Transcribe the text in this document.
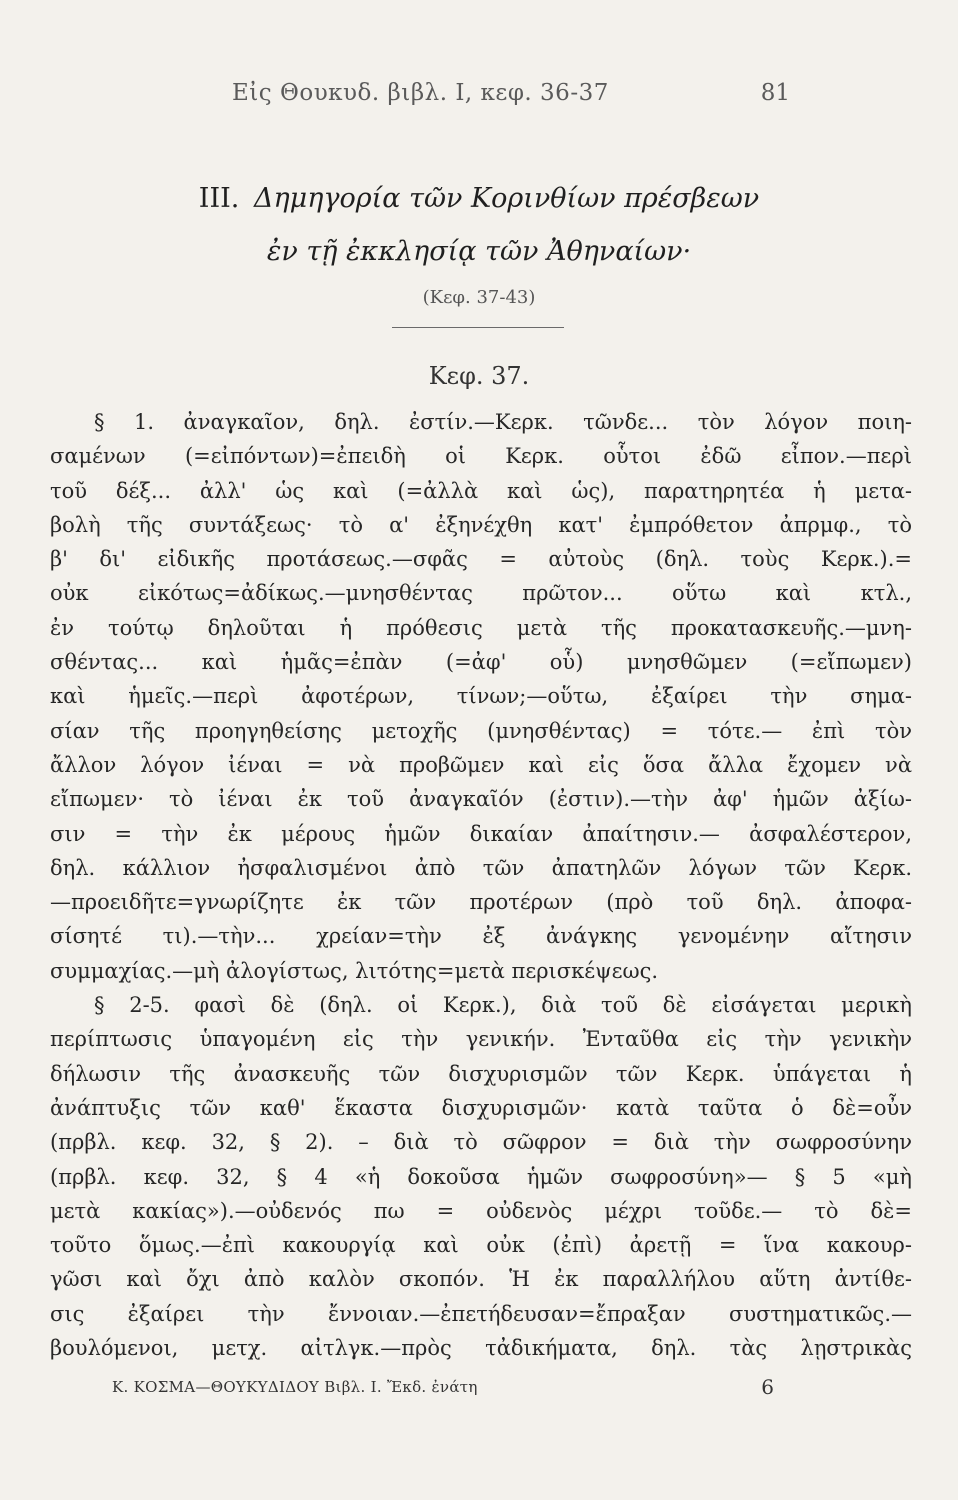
Εἰς Θουκυδ. βιβλ. Ι, κεφ. 36-37	81
III. Δημηγορία τῶν Κορινθίων πρέσβεων
ἐν τῇ ἐκκλησίᾳ τῶν Ἀθηναίων·
(Κεφ. 37-43)
Κεφ. 37.
§ 1. ἀναγκαῖον, δηλ. ἐστίν.—Κερκ. τῶνδε... τὸν λόγον ποιη-
σαμένων (=εἰπόντων)=ἐπειδὴ οἱ Κερκ. οὗτοι ἐδῶ εἶπον.—περὶ
τοῦ δέξ... ἀλλ' ὡς καὶ (=ἀλλὰ καὶ ὡς), παρατηρητέα ἡ μετα-
βολὴ τῆς συντάξεως· τὸ α' ἐξηνέχθη κατ' ἐμπρόθετον ἀπρμφ., τὸ
β' δι' εἰδικῆς προτάσεως.—σφᾶς = αὐτοὺς (δηλ. τοὺς Κερκ.).=
οὐκ εἰκότως=ἀδίκως.—μνησθέντας πρῶτον... οὕτω καὶ κτλ.,
ἐν τούτῳ δηλοῦται ἡ πρόθεσις μετὰ τῆς προκατασκευῆς.—μνη-
σθέντας... καὶ ἡμᾶς=ἐπὰν (=ἀφ' οὗ) μνησθῶμεν (=εἴπωμεν)
καὶ ἡμεῖς.—περὶ ἀφοτέρων, τίνων;—οὕτω, ἐξαίρει τὴν σημα-
σίαν τῆς προηγηθείσης μετοχῆς (μνησθέντας) = τότε.— ἐπὶ τὸν
ἄλλον λόγον ἰέναι = νὰ προβῶμεν καὶ εἰς ὅσα ἄλλα ἔχομεν νὰ
εἴπωμεν· τὸ ἰέναι ἐκ τοῦ ἀναγκαῖόν (ἐστιν).—τὴν ἀφ' ἡμῶν ἀξίω-
σιν = τὴν ἐκ μέρους ἡμῶν δικαίαν ἀπαίτησιν.— ἀσφαλέστερον,
δηλ. κάλλιον ἠσφαλισμένοι ἀπὸ τῶν ἀπατηλῶν λόγων τῶν Κερκ.
—προειδῆτε=γνωρίζητε ἐκ τῶν προτέρων (πρὸ τοῦ δηλ. ἀποφα-
σίσητέ τι).—τὴν... χρείαν=τὴν ἐξ ἀνάγκης γενομένην αἴτησιν
συμμαχίας.—μὴ ἀλογίστως, λιτότης=μετὰ περισκέψεως.
§ 2-5. φασὶ δὲ (δηλ. οἱ Κερκ.), διὰ τοῦ δὲ εἰσάγεται μερικὴ
περίπτωσις ὑπαγομένη εἰς τὴν γενικήν. Ἐνταῦθα εἰς τὴν γενικὴν
δήλωσιν τῆς ἀνασκευῆς τῶν δισχυρισμῶν τῶν Κερκ. ὑπάγεται ἡ
ἀνάπτυξις τῶν καθ' ἕκαστα δισχυρισμῶν· κατὰ ταῦτα ὁ δὲ=οὖν
(πρβλ. κεφ. 32, § 2). – διὰ τὸ σῶφρον = διὰ τὴν σωφροσύνην
(πρβλ. κεφ. 32, § 4 «ἡ δοκοῦσα ἡμῶν σωφροσύνη»— § 5 «μὴ
μετὰ κακίας»).—οὐδενός πω = οὐδενὸς μέχρι τοῦδε.— τὸ δὲ=
τοῦτο ὅμως.—ἐπὶ κακουργίᾳ καὶ οὐκ (ἐπὶ) ἀρετῇ = ἵνα κακουρ-
γῶσι καὶ ὄχι ἀπὸ καλὸν σκοπόν. Ἡ ἐκ παραλλήλου αὕτη ἀντίθε-
σις ἐξαίρει τὴν ἔννοιαν.—ἐπετήδευσαν=ἔπραξαν συστηματικῶς.—
βουλόμενοι, μετχ. αἰτλγκ.—πρὸς τἀδικήματα, δηλ. τὰς λῃστρικὰς
Κ. ΚΟΣΜΑ—ΘΟΥΚΥΔΙΔΟΥ Βιβλ. Ι. Ἔκδ. ἐνάτη	6
